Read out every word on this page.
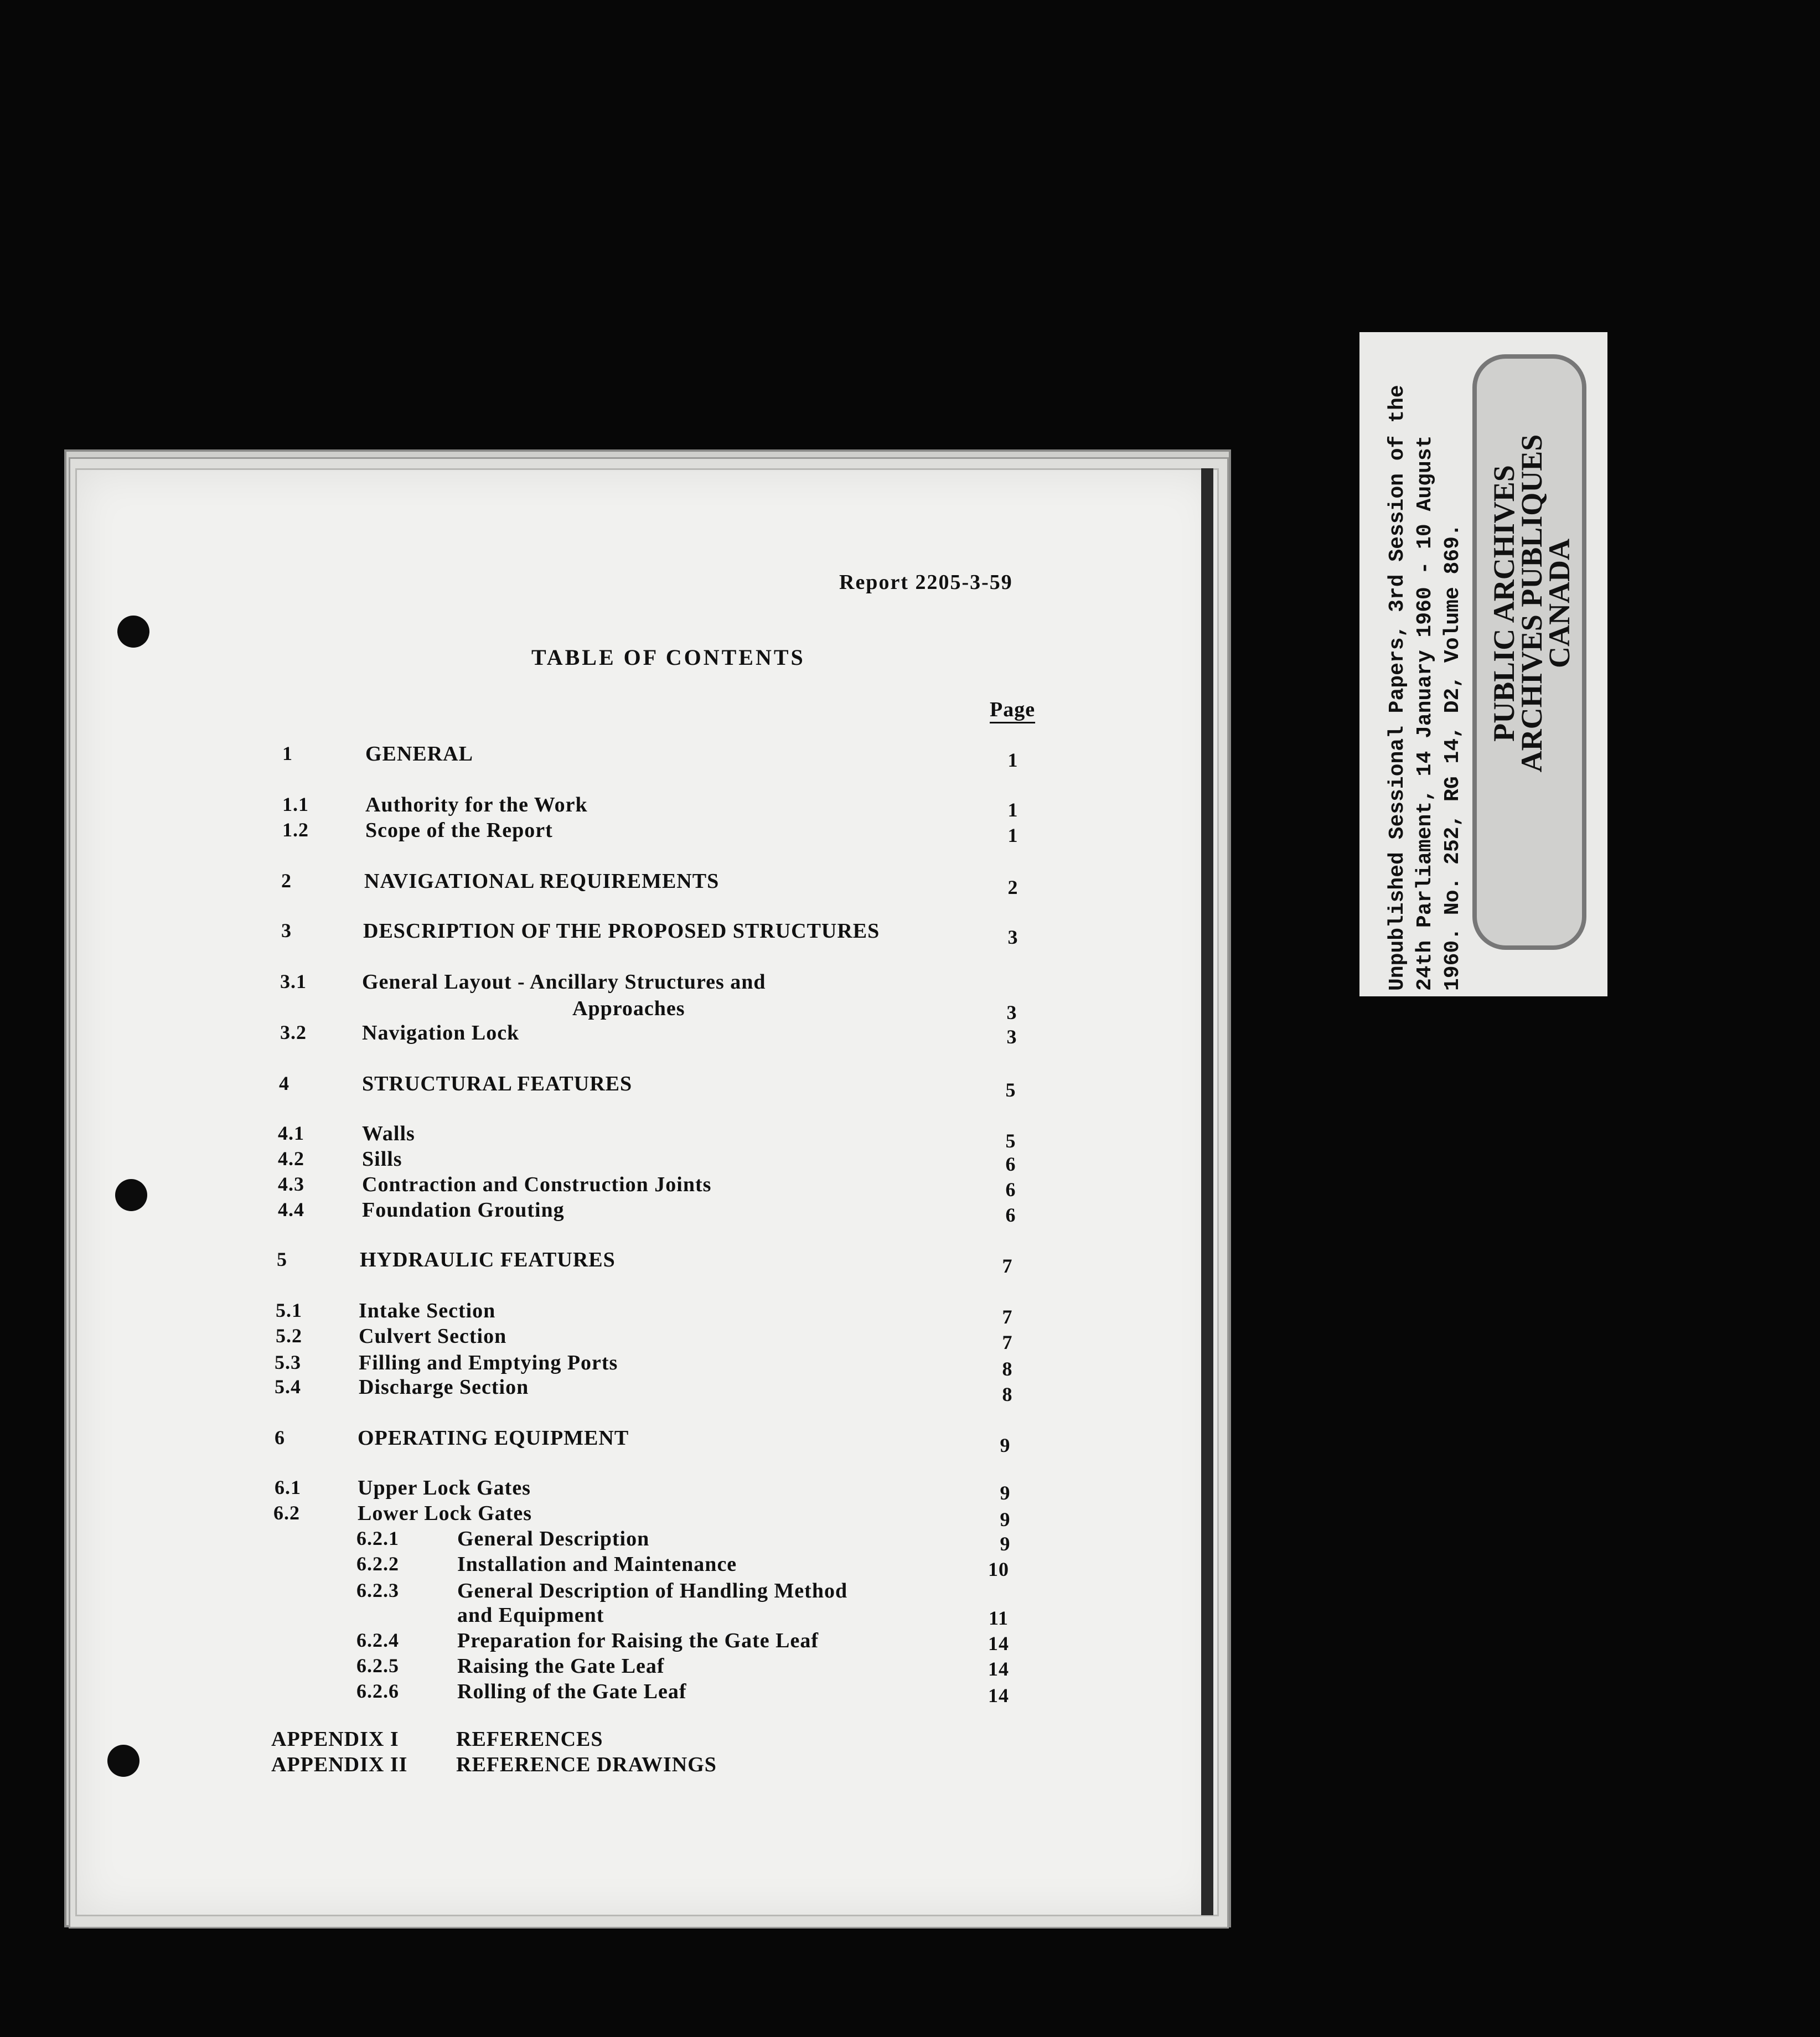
Report 2205-3-59
TABLE OF CONTENTS
Page
1	GENERAL	1
1.1	Authority for the Work	1
1.2	Scope of the Report	1
2	NAVIGATIONAL REQUIREMENTS	2
3	DESCRIPTION OF THE PROPOSED STRUCTURES	3
3.1	General Layout - Ancillary Structures and
Approaches	3
3.2	Navigation Lock	3
4	STRUCTURAL FEATURES	5
4.1	Walls	5
4.2	Sills	6
4.3	Contraction and Construction Joints	6
4.4	Foundation Grouting	6
5	HYDRAULIC FEATURES	7
5.1	Intake Section	7
5.2	Culvert Section	7
5.3	Filling and Emptying Ports	8
5.4	Discharge Section	8
6	OPERATING EQUIPMENT	9
6.1	Upper Lock Gates	9
6.2	Lower Lock Gates	9
6.2.1	General Description	9
6.2.2	Installation and Maintenance	10
6.2.3	General Description of Handling Method
and Equipment	11
6.2.4	Preparation for Raising the Gate Leaf	14
6.2.5	Raising the Gate Leaf	14
6.2.6	Rolling of the Gate Leaf	14
APPENDIX I	REFERENCES
APPENDIX II REFERENCE DRAWINGS
Unpublished Sessional Papers, 3rd Session of the 24th Parliament, 14 January 1960 - 10 August 1960. No. 252, RG 14, D2, Volume 869. PUBLIC ARCHIVES
ARCHIVES PUBLIQUES
CANADA
